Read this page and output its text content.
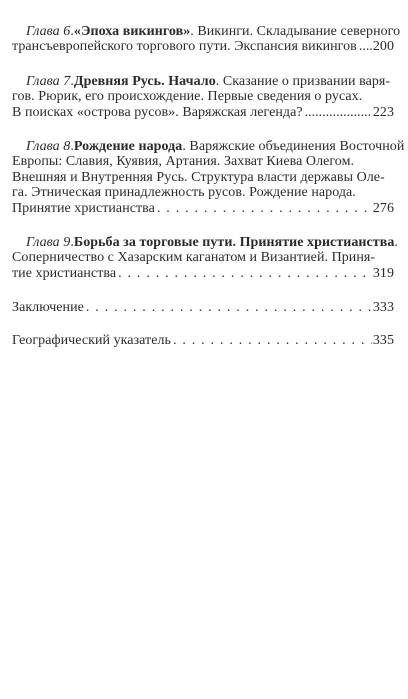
Глава 6 . «Эпоха викингов» . Викинги. Складывание северного
трансъевропейского торгового пути. Экспансия викингов ..... 200
Глава 7 . Древняя Русь. Начало . Сказание о призвании варя-
гов. Рюрик, его происхождение. Первые сведения о русах.
В поисках «острова русов». Варяжская легенда? .....	223
Глава 8 . Рождение народа . Варяжские объединения Восточной
Европы: Славия, Куявия, Артания. Захват Киева Олегом.
Внешняя и Внутренняя Русь. Структура власти державы Оле-
га. Этническая принадлежность русов. Рождение народа.
Принятие христианства . . .	276
Глава 9 . Борьба за торговые пути. Принятие христианства .
Соперничество с Хазарским каганатом и Византией. Приня-
тие христианства . . .	319
Заключение . . .	333
Географический указатель . . .	335
